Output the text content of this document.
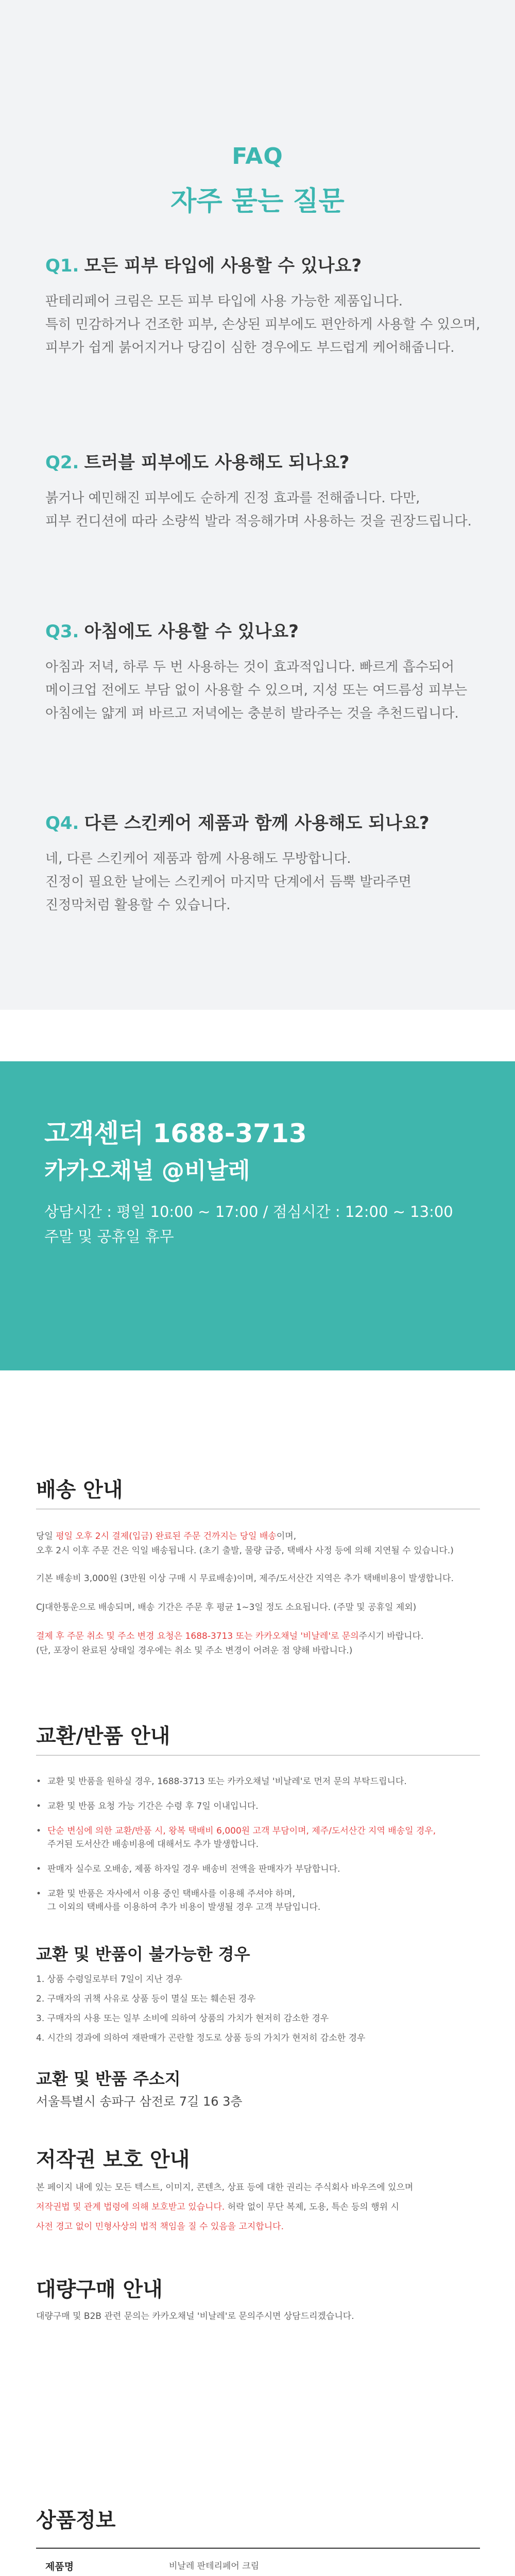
FAQ
자주 묻는 질문
Q1. 모든 피부 타입에 사용할 수 있나요?
판테리페어 크림은 모든 피부 타입에 사용 가능한 제품입니다.
특히 민감하거나 건조한 피부, 손상된 피부에도 편안하게 사용할 수 있으며,
피부가 쉽게 붉어지거나 당김이 심한 경우에도 부드럽게 케어해줍니다.
Q2. 트러블 피부에도 사용해도 되나요?
붉거나 예민해진 피부에도 순하게 진정 효과를 전해줍니다. 다만,
피부 컨디션에 따라 소량씩 발라 적응해가며 사용하는 것을 권장드립니다.
Q3. 아침에도 사용할 수 있나요?
아침과 저녁, 하루 두 번 사용하는 것이 효과적입니다. 빠르게 흡수되어
메이크업 전에도 부담 없이 사용할 수 있으며, 지성 또는 여드름성 피부는
아침에는 얇게 펴 바르고 저녁에는 충분히 발라주는 것을 추천드립니다.
Q4. 다른 스킨케어 제품과 함께 사용해도 되나요?
네, 다른 스킨케어 제품과 함께 사용해도 무방합니다.
진정이 필요한 날에는 스킨케어 마지막 단계에서 듬뿍 발라주면
진정막처럼 활용할 수 있습니다.
고객센터 1688-3713
카카오채널 @비날레
상담시간 : 평일 10:00 ~ 17:00 / 점심시간 : 12:00 ~ 13:00
주말 및 공휴일 휴무
배송 안내
당일 평일 오후 2시 결제(입금) 완료된 주문 건까지는 당일 배송이며,
오후 2시 이후 주문 건은 익일 배송됩니다. (초기 출발, 물량 급증, 택배사 사정 등에 의해 지연될 수 있습니다.)
기본 배송비 3,000원 (3만원 이상 구매 시 무료배송)이며, 제주/도서산간 지역은 추가 택배비용이 발생합니다.
CJ대한통운으로 배송되며, 배송 기간은 주문 후 평균 1~3일 정도 소요됩니다. (주말 및 공휴일 제외)
결제 후 주문 취소 및 주소 변경 요청은 1688-3713 또는 카카오채널 '비날레'로 문의주시기 바랍니다.
(단, 포장이 완료된 상태일 경우에는 취소 및 주소 변경이 어려운 점 양해 바랍니다.)
교환/반품 안내
• 교환 및 반품을 원하실 경우, 1688-3713 또는 카카오채널 '비날레'로 먼저 문의 부탁드립니다.
• 교환 및 반품 요청 가능 기간은 수령 후 7일 이내입니다.
• 단순 변심에 의한 교환/반품 시, 왕복 택배비 6,000원 고객 부담이며, 제주/도서산간 지역 배송일 경우,
주거된 도서산간 배송비용에 대해서도 추가 발생합니다.
• 판매자 실수로 오배송, 제품 하자일 경우 배송비 전액을 판매자가 부담합니다.
• 교환 및 반품은 자사에서 이용 중인 택배사를 이용해 주셔야 하며,
그 이외의 택배사를 이용하여 추가 비용이 발생될 경우 고객 부담입니다.
교환 및 반품이 불가능한 경우
1. 상품 수령일로부터 7일이 지난 경우
2. 구매자의 귀책 사유로 상품 등이 멸실 또는 훼손된 경우
3. 구매자의 사용 또는 일부 소비에 의하여 상품의 가치가 현저히 감소한 경우
4. 시간의 경과에 의하여 재판매가 곤란할 정도로 상품 등의 가치가 현저히 감소한 경우
교환 및 반품 주소지
서울특별시 송파구 삼전로 7길 16 3층
저작권 보호 안내
본 페이지 내에 있는 모든 텍스트, 이미지, 콘텐츠, 상표 등에 대한 권리는 주식회사 바우즈에 있으며
저작권법 및 관계 법령에 의해 보호받고 있습니다. 허락 없이 무단 복제, 도용, 특손 등의 행위 시
사전 경고 없이 민형사상의 법적 책임을 질 수 있음을 고지합니다.
대량구매 안내
대량구매 및 B2B 관련 문의는 카카오채널 '비날레'로 문의주시면 상담드리겠습니다.
상품정보
제품명	비날레 판테리페어 크림
